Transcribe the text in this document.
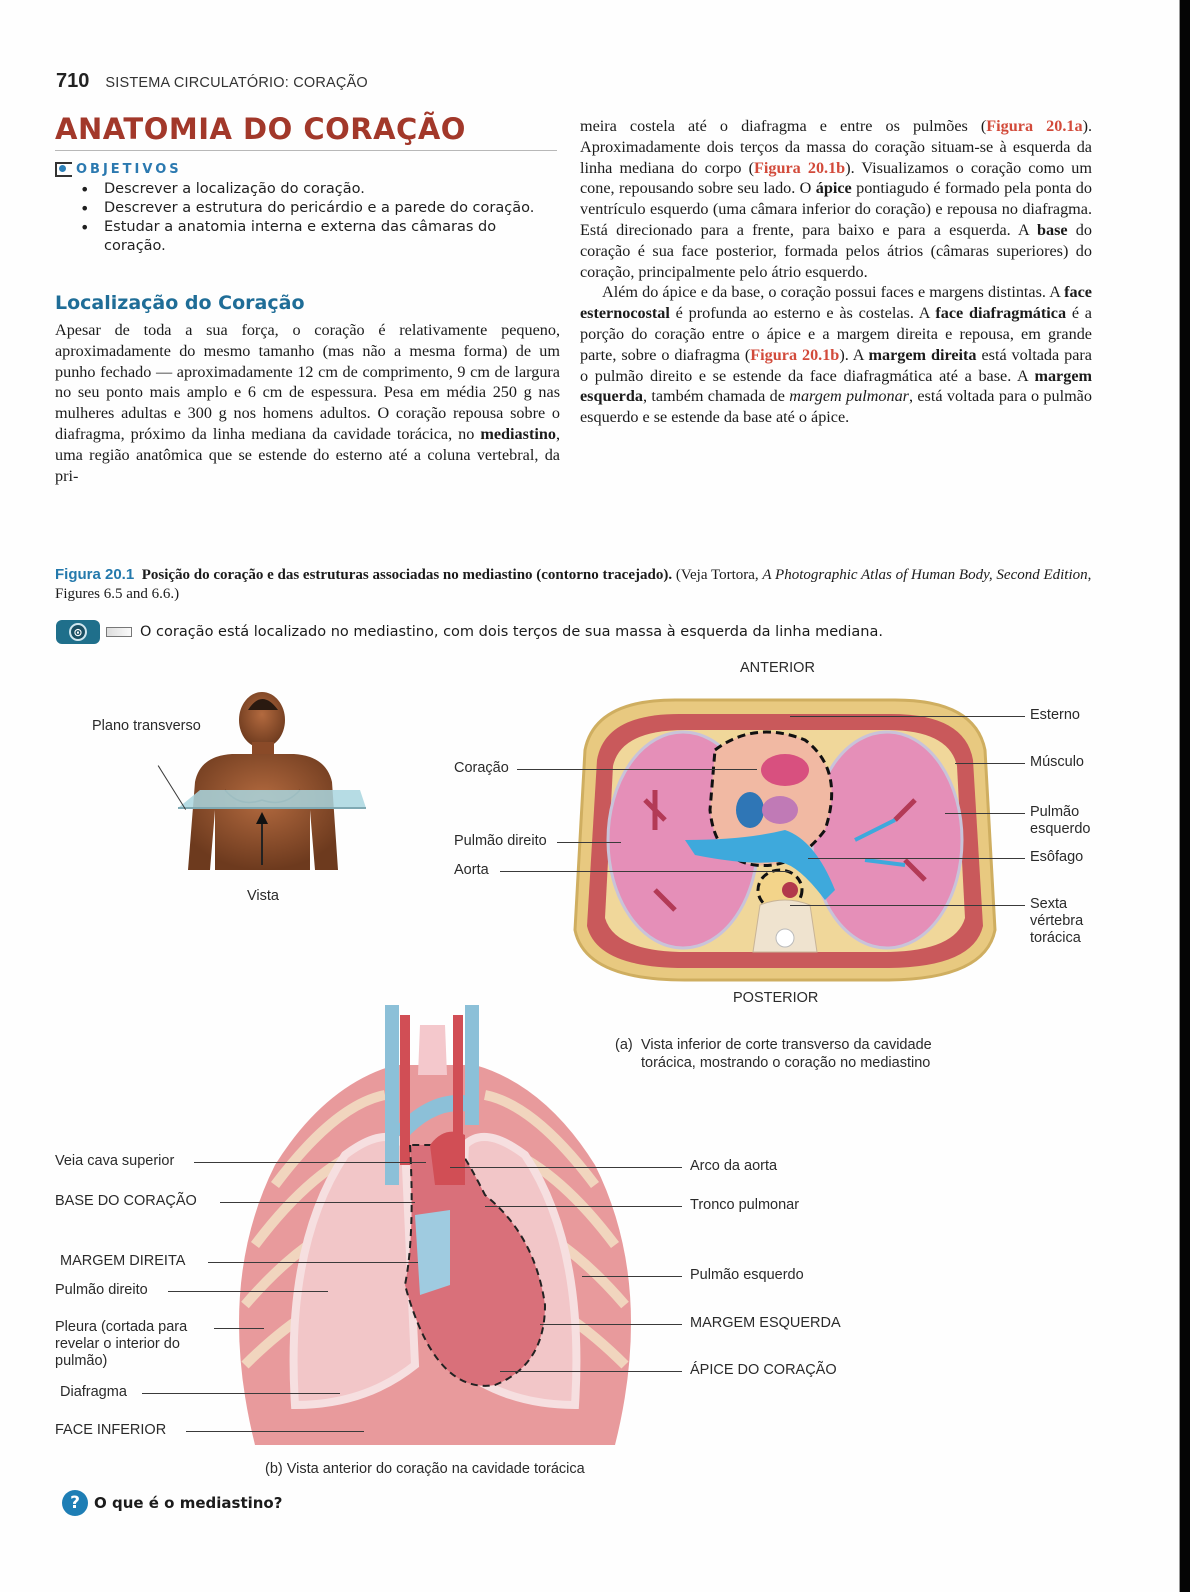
710 SISTEMA CIRCULATÓRIO: CORAÇÃO
ANATOMIA DO CORAÇÃO
OBJETIVOS
• Descrever a localização do coração.
• Descrever a estrutura do pericárdio e a parede do coração.
• Estudar a anatomia interna e externa das câmaras do coração.
Localização do Coração

Apesar de toda a sua força, o coração é relativamente pequeno, aproximadamente do mesmo tamanho (mas não a mesma forma) de um punho fechado — aproximadamente 12 cm de comprimento, 9 cm de largura no seu ponto mais amplo e 6 cm de espessura. Pesa em média 250 g nas mulheres adultas e 300 g nos homens adultos. O coração repousa sobre o diafragma, próximo da linha mediana da cavidade torácica, no mediastino, uma região anatômica que se estende do esterno até a coluna vertebral, da pri-

meira costela até o diafragma e entre os pulmões (Figura 20.1a). Aproximadamente dois terços da massa do coração situam-se à esquerda da linha mediana do corpo (Figura 20.1b). Visualizamos o coração como um cone, repousando sobre seu lado. O ápice pontiagudo é formado pela ponta do ventrículo esquerdo (uma câmara inferior do coração) e repousa no diafragma. Está direcionado para a frente, para baixo e para a esquerda. A base do coração é sua face posterior, formada pelos átrios (câmaras superiores) do coração, principalmente pelo átrio esquerdo.

Além do ápice e da base, o coração possui faces e margens distintas. A face esternocostal é profunda ao esterno e às costelas. A face diafragmática é a porção do coração entre o ápice e a margem direita e repousa, em grande parte, sobre o diafragma (Figura 20.1b). A margem direita está voltada para o pulmão direito e se estende da face diafragmática até a base. A margem esquerda, também chamada de margem pulmonar, está voltada para o pulmão esquerdo e se estende da base até o ápice.

Figura 20.1 Posição do coração e das estruturas associadas no mediastino (contorno tracejado). (Veja Tortora, A Photographic Atlas of Human Body, Second Edition, Figures 6.5 and 6.6.)
⊙	O coração está localizado no mediastino, com dois terços de sua massa à esquerda da linha mediana.
Plano transverso
Vista
ANTERIOR
Coração
Pulmão direito
Aorta
Esterno
Músculo
Pulmão esquerdo
Esôfago
Sexta vértebra torácica
POSTERIOR
(a) Vista inferior de corte transverso da cavidade torácica, mostrando o coração no mediastino
Veia cava superior
BASE DO CORAÇÃO
MARGEM DIREITA
Pulmão direito
Pleura (cortada para revelar o interior do pulmão)
Diafragma
FACE INFERIOR
Arco da aorta
Tronco pulmonar
Pulmão esquerdo
MARGEM ESQUERDA
ÁPICE DO CORAÇÃO
(b) Vista anterior do coração na cavidade torácica
? O que é o mediastino?
